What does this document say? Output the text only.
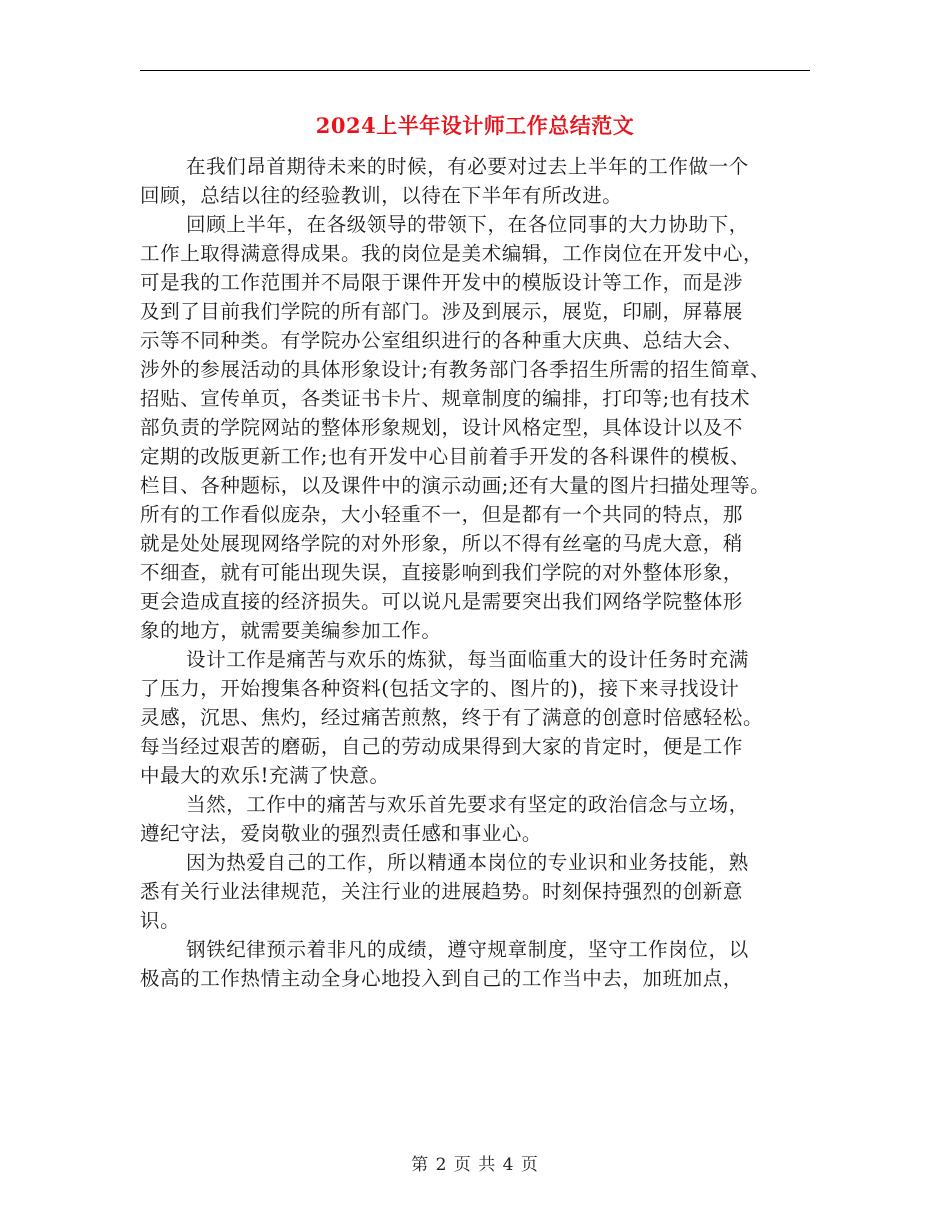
2024上半年设计师工作总结范文
在我们昂首期待未来的时候，有必要对过去上半年的工作做一个
回顾，总结以往的经验教训，以待在下半年有所改进。
回顾上半年，在各级领导的带领下，在各位同事的大力协助下，
工作上取得满意得成果。我的岗位是美术编辑，工作岗位在开发中心，
可是我的工作范围并不局限于课件开发中的模版设计等工作，而是涉
及到了目前我们学院的所有部门。涉及到展示，展览，印刷，屏幕展
示等不同种类。有学院办公室组织进行的各种重大庆典、总结大会、
涉外的参展活动的具体形象设计;有教务部门各季招生所需的招生简章、
招贴、宣传单页，各类证书卡片、规章制度的编排，打印等;也有技术
部负责的学院网站的整体形象规划，设计风格定型，具体设计以及不
定期的改版更新工作;也有开发中心目前着手开发的各科课件的模板、
栏目、各种题标，以及课件中的演示动画;还有大量的图片扫描处理等。
所有的工作看似庞杂，大小轻重不一，但是都有一个共同的特点，那
就是处处展现网络学院的对外形象，所以不得有丝毫的马虎大意，稍
不细查，就有可能出现失误，直接影响到我们学院的对外整体形象，
更会造成直接的经济损失。可以说凡是需要突出我们网络学院整体形
象的地方，就需要美编参加工作。
设计工作是痛苦与欢乐的炼狱，每当面临重大的设计任务时充满
了压力，开始搜集各种资料(包括文字的、图片的)，接下来寻找设计
灵感，沉思、焦灼，经过痛苦煎熬，终于有了满意的创意时倍感轻松。
每当经过艰苦的磨砺，自己的劳动成果得到大家的肯定时，便是工作
中最大的欢乐!充满了快意。
当然，工作中的痛苦与欢乐首先要求有坚定的政治信念与立场，
遵纪守法，爱岗敬业的强烈责任感和事业心。
因为热爱自己的工作，所以精通本岗位的专业识和业务技能，熟
悉有关行业法律规范，关注行业的进展趋势。时刻保持强烈的创新意
识。
钢铁纪律预示着非凡的成绩，遵守规章制度，坚守工作岗位，以
极高的工作热情主动全身心地投入到自己的工作当中去，加班加点，
第 2 页 共 4 页
